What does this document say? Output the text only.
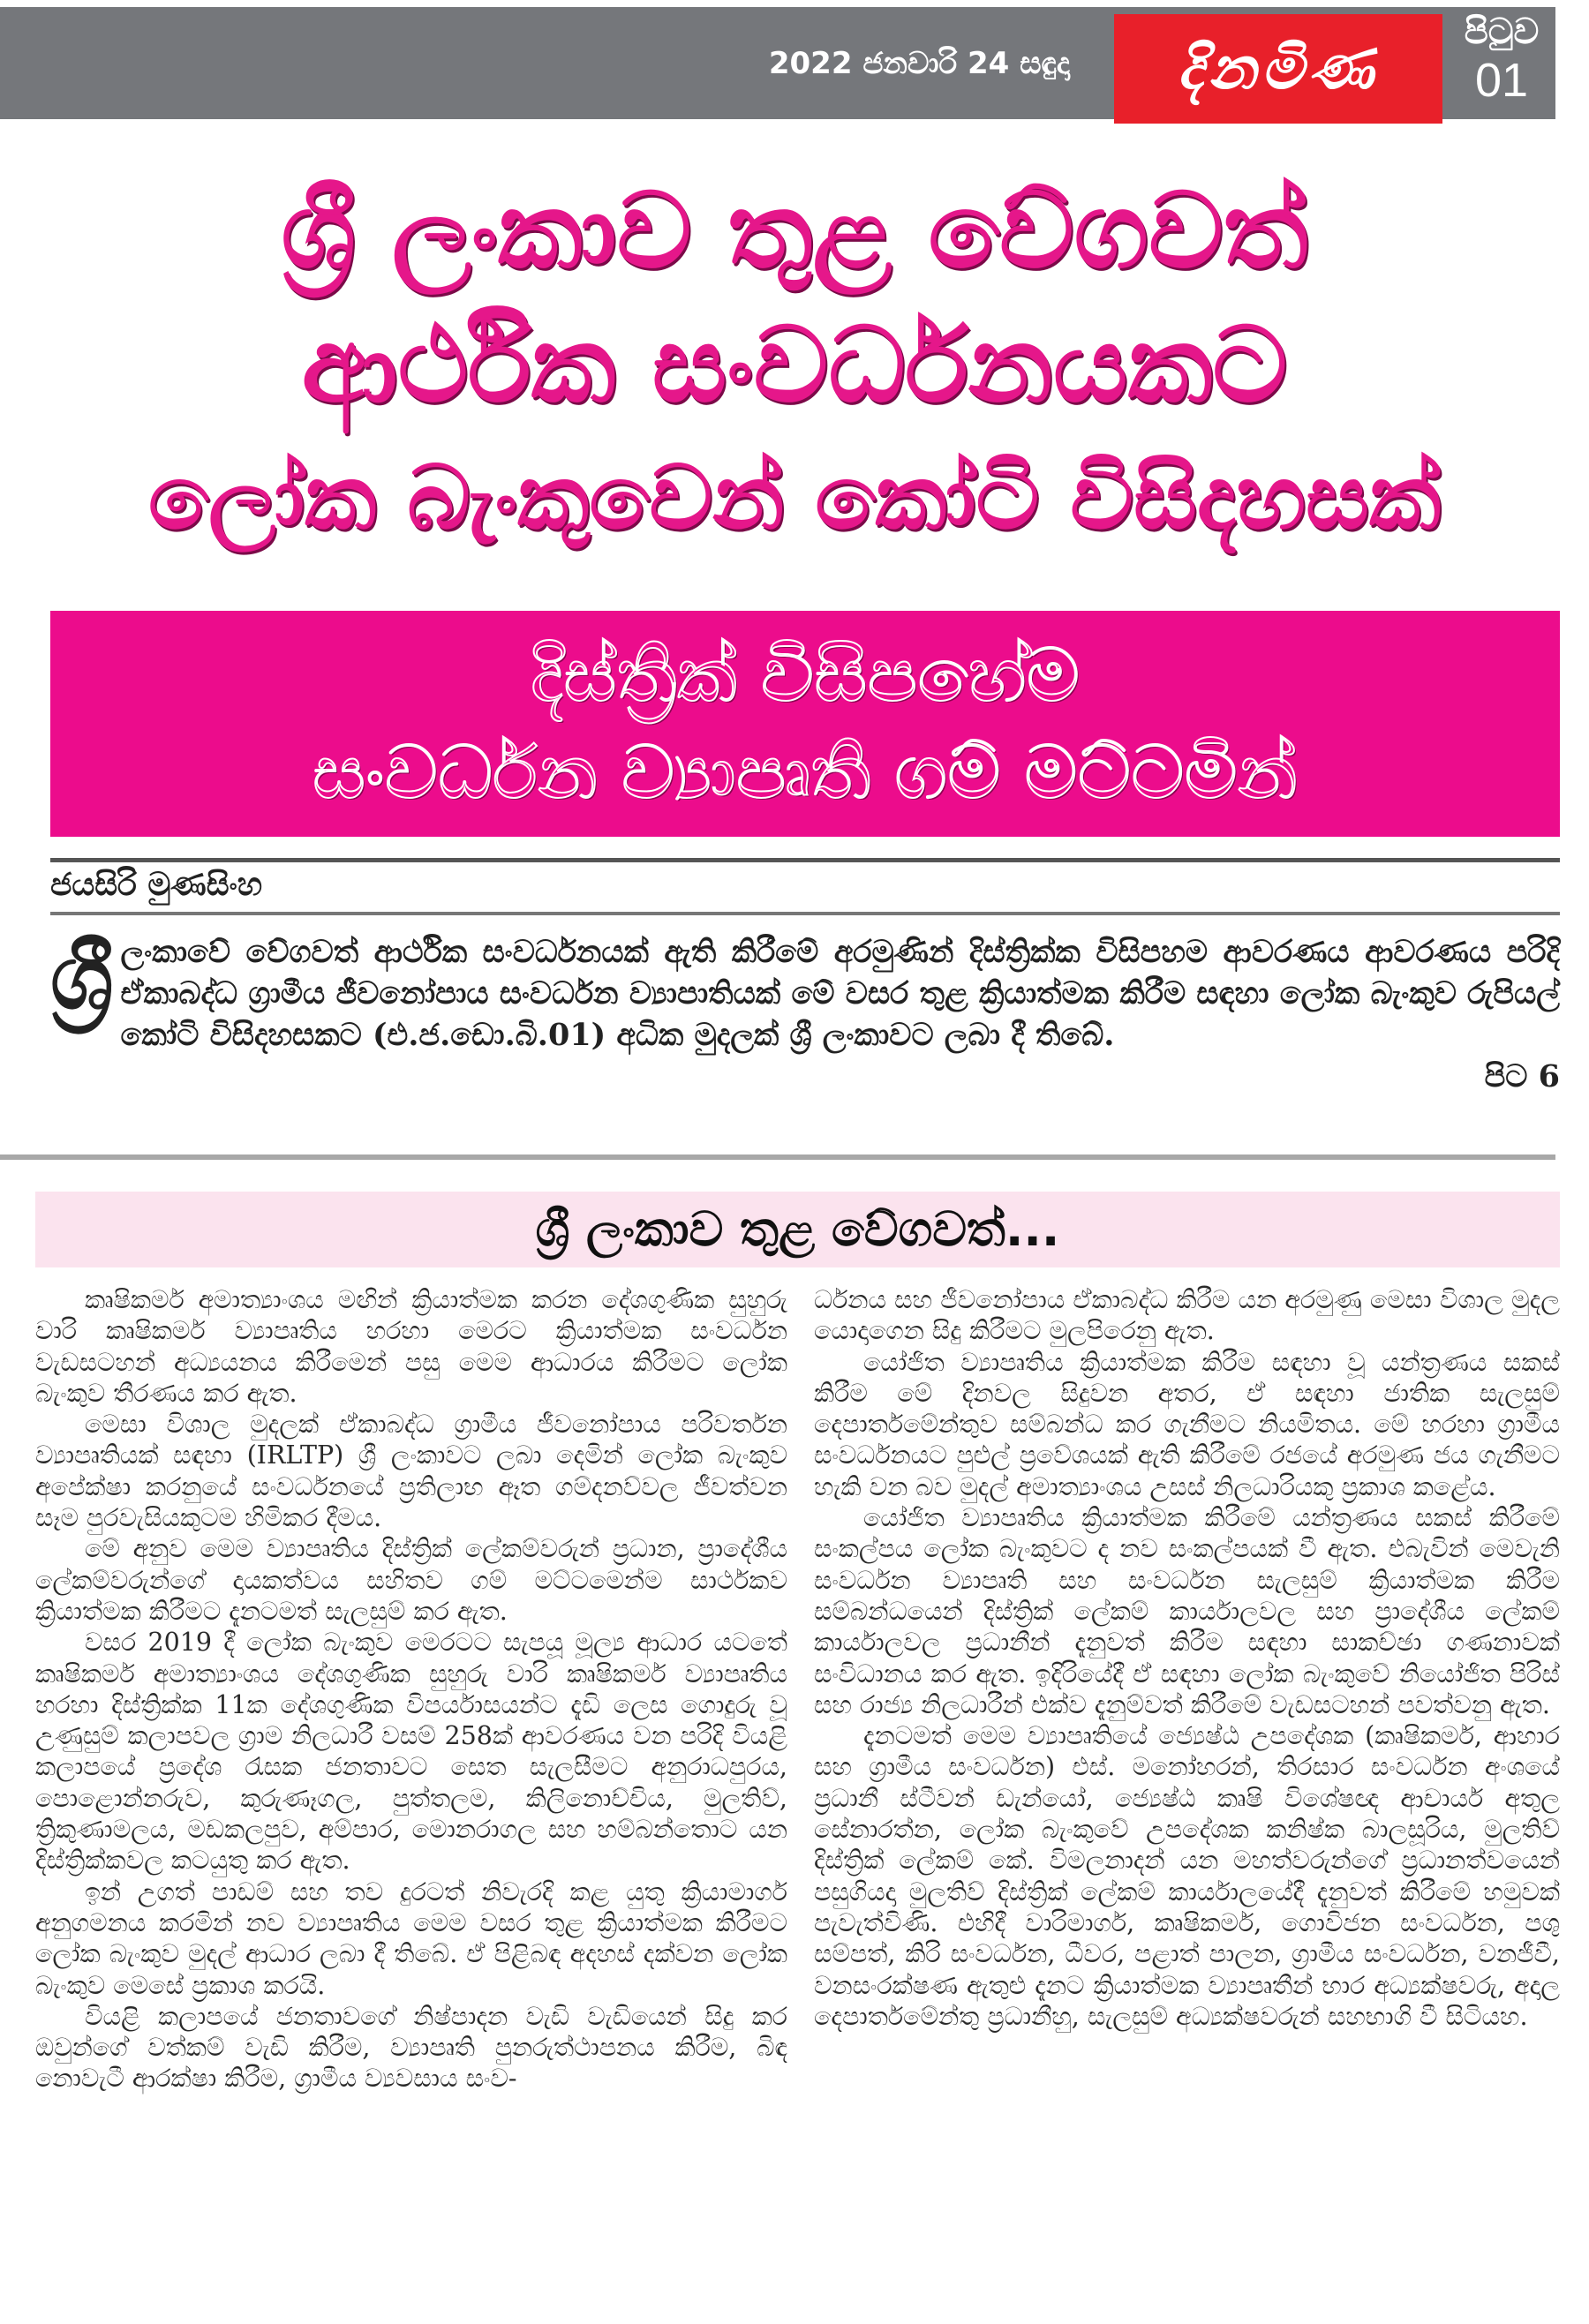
2022 ජනවාරි 24 සඳුදා දිනමිණ
පිටුව
01
ශ්‍රී ලංකාව තුළ වේගවත්
ආර්ථික සංවර්ධනයකට
ලෝක බැංකුවෙන් කෝටි විසිදහසක්
දිස්ත්‍රික් විසිපහේම
සංවර්ධන ව්‍යාපෘති ගම් මට්ටමින්
ජයසිරි මුණසිංහ
ශ්‍රී ලංකාවේ වේගවත් ආර්ථික සංවර්ධනයක් ඇති කිරීමේ අරමුණින් දිස්ත්‍රික්ක විසිපහම ආවරණය ආවරණය පරිදි ඒකාබද්ධ ග්‍රාමීය ජීවනෝපාය සංවර්ධන ව්‍යාපාතියක් මේ වසර තුළ ක්‍රියාත්මක කිරීම සඳහා ලෝක බැංකුව රුපියල් කෝටි විසිදහසකට (එ.ජ.ඩො.බි.01) අධික මුදලක් ශ්‍රී ලංකාවට ලබා දී තිබේ.
පිට 6
ශ්‍රී ලංකාව තුළ වේගවත්...

කෘෂිකර්ම අමාත්‍යාංශය මඟින් ක්‍රියාත්මක කරන දේශගුණික සුහුරු වාරි කෘෂිකර්ම ව්‍යාපෘතිය හරහා මෙරට ක්‍රියාත්මක සංවර්ධන වැඩසටහන් අධ්‍යයනය කිරීමෙන් පසු මෙම ආධාරය කිරීමට ලෝක බැංකුව තීරණය කර ඇත.

මෙසා විශාල මුදලක් ඒකාබද්ධ ග්‍රාමීය ජීවනෝපාය පරිවර්තන ව්‍යාපෘතියක් සඳහා (IRLTP) ශ්‍රී ලංකාවට ලබා දෙමින් ලෝක බැංකුව අපේක්ෂා කරනුයේ සංවර්ධනයේ ප්‍රතිලාභ ඈත ගම්දනව්වල ජීවත්වන සෑම පුරවැසියකුටම හිමිකර දීමය.

මේ අනුව මෙම ව්‍යාපෘතිය දිස්ත්‍රික් ලේකම්වරුන් ප්‍රධාන, ප්‍රාදේශීය ලේකම්වරුන්ගේ දායකත්වය සහිතව ගම් මට්ටමෙන්ම සාර්ථකව ක්‍රියාත්මක කිරීමට දැනටමත් සැලසුම් කර ඇත.

වසර 2019 දී ලෝක බැංකුව මෙරටට සැපයූ මූල්‍ය ආධාර යටතේ කෘෂිකර්ම අමාත්‍යාංශය දේශගුණික සුහුරු වාරි කෘෂිකර්ම ව්‍යාපෘතිය හරහා දිස්ත්‍රික්ක 11ක දේශගුණික විපර්යාසයන්ට දැඩි ලෙස ගොදුරු වූ උණුසුම් කලාපවල ග්‍රාම නිලධාරී වසම් 258ක් ආවරණය වන පරිදි වියළි කලාපයේ ප්‍රදේශ රැසක ජනතාවට සෙත සැලසීමට අනුරාධපුරය, පොළොන්නරුව, කුරුණෑගල, පුත්තලම, කිලිනොච්චිය, මුලතිව්, ත්‍රිකුණාමලය, මඩකලපුව, අම්පාර, මොනරාගල සහ හම්බන්තොට යන දිස්ත්‍රික්කවල කටයුතු කර ඇත.

ඉන් උගත් පාඩම් සහ තව දුරටත් නිවැරදි කළ යුතු ක්‍රියාමාර්ග අනුගමනය කරමින් නව ව්‍යාපෘතිය මෙම වසර තුළ ක්‍රියාත්මක කිරීමට ලෝක බැංකුව මුදල් ආධාර ලබා දී තිබේ. ඒ පිළිබඳ අදහස් දක්වන ලෝක බැංකුව මෙසේ ප්‍රකාශ කරයි.

වියළි කලාපයේ ජනතාවගේ නිෂ්පාදන වැඩි වැඩියෙන් සිදු කර ඔවුන්ගේ වත්කම් වැඩි කිරීම, ව්‍යාපෘති පුනරුත්ථාපනය කිරීම, බිඳ නොවැටී ආරක්ෂා කිරීම, ග්‍රාමීය ව්‍යවසාය සංව-

ර්ධනය සහ ජීවනෝපාය ඒකාබද්ධ කිරීම යන අරමුණු මෙසා විශාල මුදල යොදාගෙන සිදු කිරීමට මුලපිරෙනු ඇත.

යෝජිත ව්‍යාපෘතිය ක්‍රියාත්මක කිරීම සඳහා වූ යන්ත්‍රණය සකස් කිරීම මේ දිනවල සිදුවන අතර, ඒ සඳහා ජාතික සැලසුම් දෙපාර්තමේන්තුව සම්බන්ධ කර ගැනීමට නියමිතය. මේ හරහා ග්‍රාමීය සංවර්ධනයට පුළුල් ප්‍රවේශයක් ඇති කිරීමේ රජයේ අරමුණ ජය ගැනීමට හැකි වන බව මුදල් අමාත්‍යාංශය උසස් නිලධාරියකු ප්‍රකාශ කළේය.

යෝජිත ව්‍යාපෘතිය ක්‍රියාත්මක කිරීමේ යන්ත්‍රණය සකස් කිරීමේ සංකල්පය ලෝක බැංකුවට ද නව සංකල්පයක් වී ඇත. එබැවින් මෙවැනි සංවර්ධන ව්‍යාපෘති සහ සංවර්ධන සැලසුම් ක්‍රියාත්මක කිරීම සම්බන්ධයෙන් දිස්ත්‍රික් ලේකම් කාර්යාලවල සහ ප්‍රාදේශීය ලේකම් කාර්යාලවල ප්‍රධානීන් දැනුවත් කිරීම සඳහා සාකච්ඡා ගණනාවක් සංවිධානය කර ඇත. ඉදිරියේදී ඒ සඳහා ලෝක බැංකුවේ නියෝජිත පිරිස් සහ රාජ්‍ය නිලධාරීන් එක්ව දැනුම්වත් කිරීමේ වැඩසටහන් පවත්වනු ඇත.

දැනටමත් මෙම ව්‍යාපෘතියේ ජ්‍යෙෂ්ඨ උපදේශක (කෘෂිකර්ම, ආහාර සහ ග්‍රාමීය සංවර්ධන) එස්. මනෝහරන්, තිරසාර සංවර්ධන අංශයේ ප්‍රධානී ස්ටීවන් ඩැන්යෝ, ජ්‍යෙෂ්ඨ කෘෂි විශේෂඥ ආචාර්ය අතුල සේනාරත්න, ලෝක බැංකුවේ උපදේශක කනිෂ්ක බාලසූරිය, මුලතිව් දිස්ත්‍රික් ලේකම් කේ. විමලනාදන් යන මහත්වරුන්ගේ ප්‍රධානත්වයෙන් පසුගියදා මුලතිව් දිස්ත්‍රික් ලේකම් කාර්යාලයේදී දැනුවත් කිරීමේ හමුවක් පැවැත්විණි. එහිදී වාරිමාර්ග, කෘෂිකර්ම, ගොවිජන සංවර්ධන, පශු සම්පත්, කිරි සංවර්ධන, ධීවර, පළාත් පාලන, ග්‍රාමීය සංවර්ධන, වනජීවී, වනසංරක්ෂණ ඇතුළු දැනට ක්‍රියාත්මක ව්‍යාපෘතීන් භාර අධ්‍යක්ෂවරු, අදාල දෙපාර්තමේන්තු ප්‍රධානීහු, සැලසුම් අධ්‍යක්ෂවරුන් සහභාගි වී සිටියහ.
